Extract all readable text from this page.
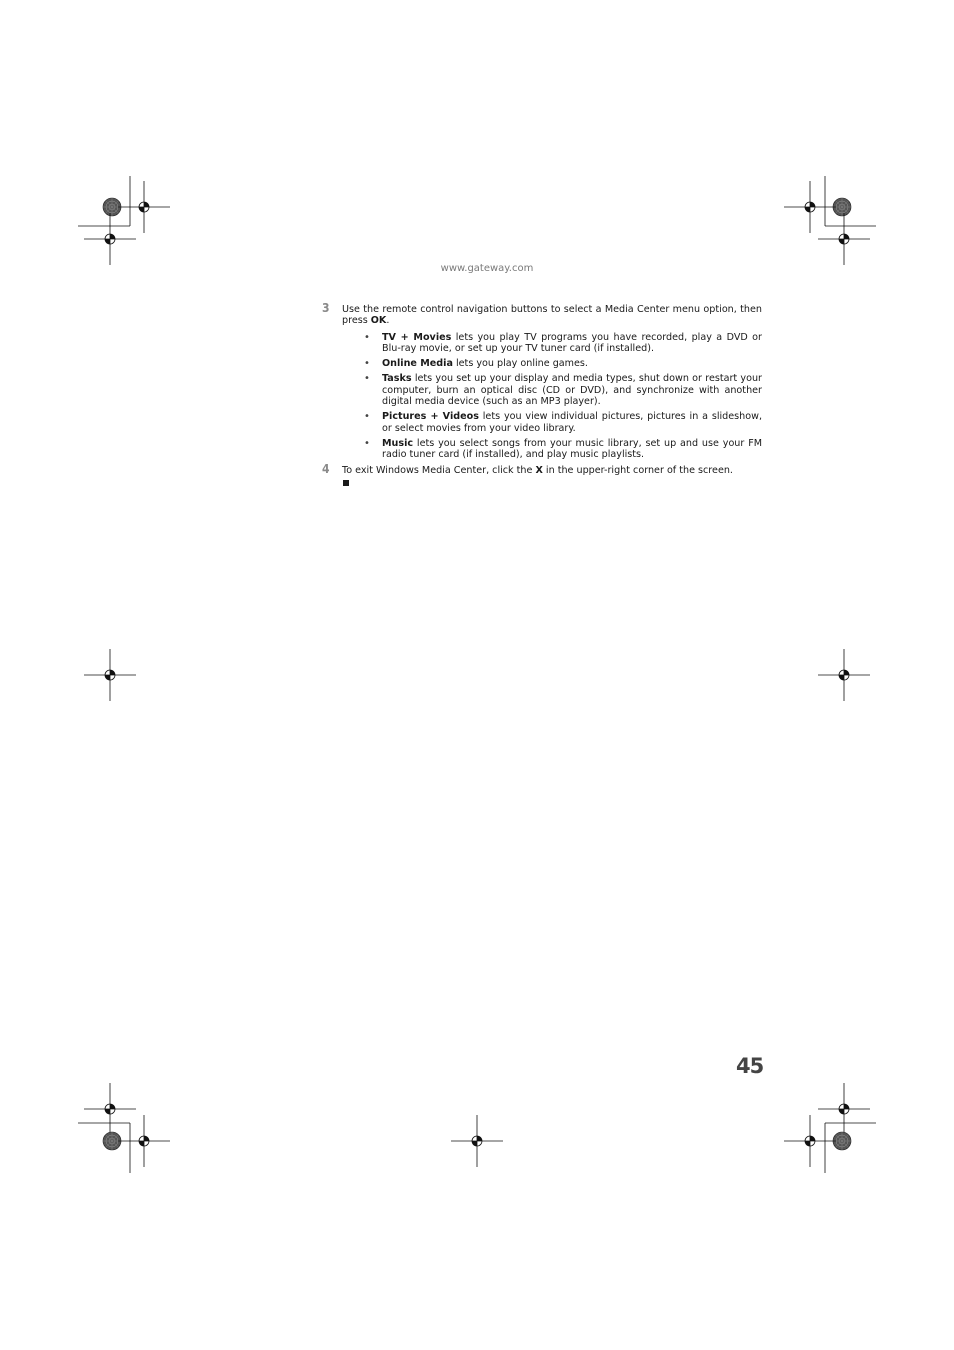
www.gateway.com
3 Use the remote control navigation buttons to select a Media Center menu option, then press OK.
• TV + Movies lets you play TV programs you have recorded, play a DVD or Blu-ray movie, or set up your TV tuner card (if installed).
• Online Media lets you play online games.
• Tasks lets you set up your display and media types, shut down or restart your computer, burn an optical disc (CD or DVD), and synchronize with another digital media device (such as an MP3 player).
• Pictures + Videos lets you view individual pictures, pictures in a slideshow, or select movies from your video library.
• Music lets you select songs from your music library, set up and use your FM radio tuner card (if installed), and play music playlists.
4 To exit Windows Media Center, click the X in the upper-right corner of the screen.
45
